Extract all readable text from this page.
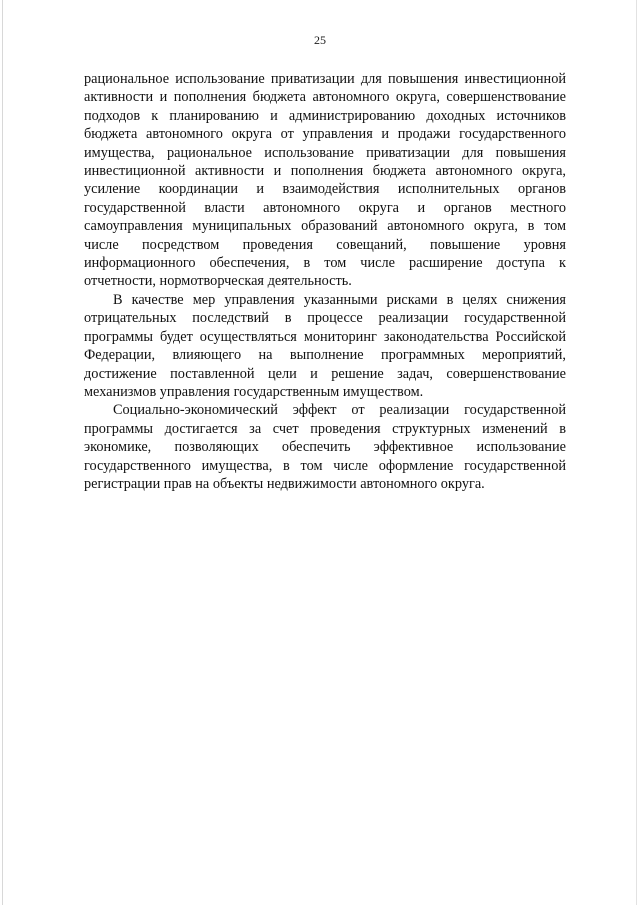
25

рациональное использование приватизации для повышения инвестиционной активности и пополнения бюджета автономного округа, совершенствование подходов к планированию и администрированию доходных источников бюджета автономного округа от управления и продажи государственного имущества, рациональное использование приватизации для повышения инвестиционной активности и пополнения бюджета автономного округа, усиление координации и взаимодействия исполнительных органов государственной власти автономного округа и органов местного самоуправления муниципальных образований автономного округа, в том числе посредством проведения совещаний, повышение уровня информационного обеспечения, в том числе расширение доступа к отчетности, нормотворческая деятельность.

В качестве мер управления указанными рисками в целях снижения отрицательных последствий в процессе реализации государственной программы будет осуществляться мониторинг законодательства Российской Федерации, влияющего на выполнение программных мероприятий, достижение поставленной цели и решение задач, совершенствование механизмов управления государственным имуществом.

Социально-экономический эффект от реализации государственной программы достигается за счет проведения структурных изменений в экономике, позволяющих обеспечить эффективное использование государственного имущества, в том числе оформление государственной регистрации прав на объекты недвижимости автономного округа.
